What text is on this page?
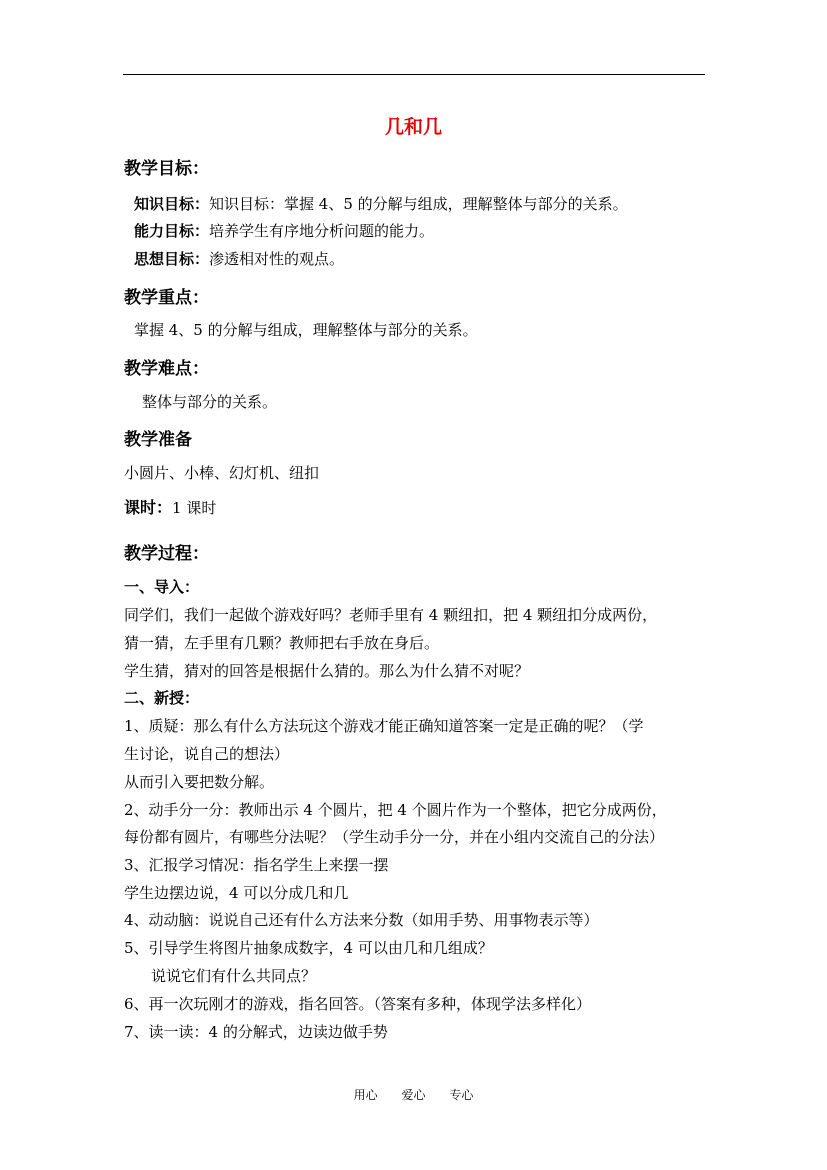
几和几
教学目标：
知识目标：知识目标：掌握 4、5 的分解与组成，理解整体与部分的关系。
能力目标：培养学生有序地分析问题的能力。
思想目标：渗透相对性的观点。
教学重点：
掌握 4、5 的分解与组成，理解整体与部分的关系。
教学难点：
整体与部分的关系。
教学准备
小圆片、小棒、幻灯机、纽扣
课时：1 课时
教学过程：
一、导入：
同学们，我们一起做个游戏好吗？老师手里有 4 颗纽扣，把 4 颗纽扣分成两份，
猜一猜，左手里有几颗？教师把右手放在身后。
学生猜，猜对的回答是根据什么猜的。那么为什么猜不对呢？
二、新授：
1、质疑：那么有什么方法玩这个游戏才能正确知道答案一定是正确的呢？（学
生讨论，说自己的想法）
从而引入要把数分解。
2、动手分一分：教师出示 4 个圆片，把 4 个圆片作为一个整体，把它分成两份，
每份都有圆片，有哪些分法呢？（学生动手分一分，并在小组内交流自己的分法）
3、汇报学习情况：指名学生上来摆一摆
学生边摆边说，4 可以分成几和几
4、动动脑：说说自己还有什么方法来分数（如用手势、用事物表示等）
5、引导学生将图片抽象成数字，4 可以由几和几组成？
说说它们有什么共同点？
6、再一次玩刚才的游戏，指名回答。（答案有多种，体现学法多样化）
7、读一读：4 的分解式，边读边做手势
用心 爱心 专心
